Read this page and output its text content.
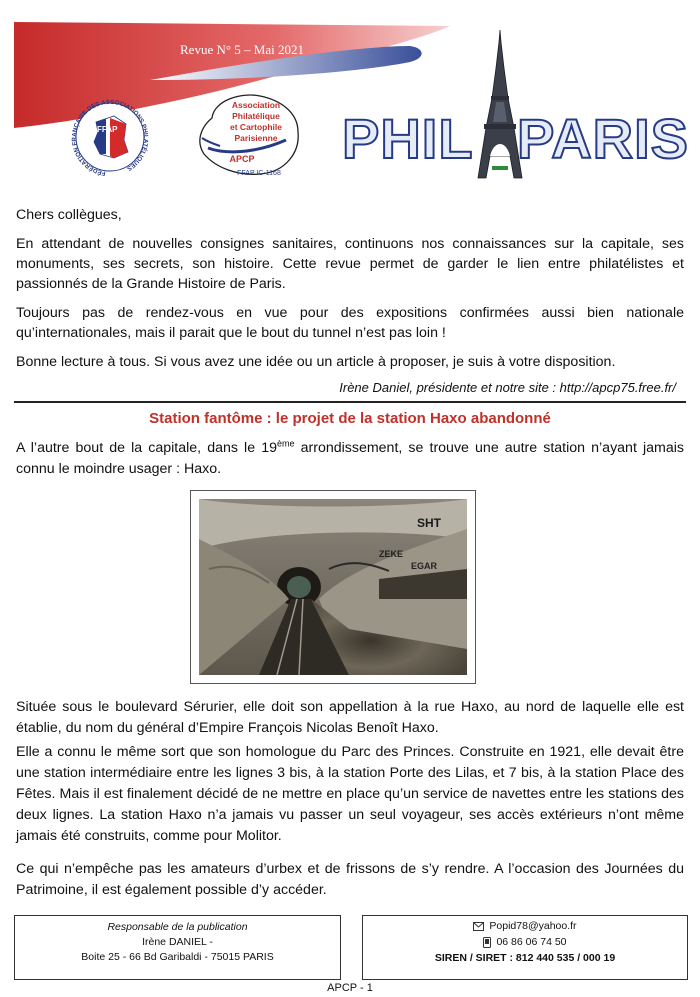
Revue N° 5 – Mai 2021
FÉDÉRATION FRANÇAISE DES ASSOCIATIONS PHILATÉLIQUES
FFAP
Association
Philatélique
et Cartophile
Parisienne
APCP
FFAP IC-1168
PHIL PARIS

Chers collègues,

En attendant de nouvelles consignes sanitaires, continuons nos connaissances sur la capitale, ses monuments, ses secrets, son histoire. Cette revue permet de garder le lien entre philatélistes et passionnés de la Grande Histoire de Paris.

Toujours pas de rendez-vous en vue pour des expositions confirmées aussi bien nationale qu’internationales, mais il parait que le bout du tunnel n’est pas loin !

Bonne lecture à tous. Si vous avez une idée ou un article à proposer, je suis à votre disposition.

Irène Daniel, présidente et notre site : http://apcp75.free.fr/
Station fantôme : le projet de la station Haxo abandonné
A l’autre bout de la capitale, dans le 19ème arrondissement, se trouve une autre station n’ayant jamais connu le moindre usager : Haxo.
SHT
ZEKE
EGAR
Située sous le boulevard Sérurier, elle doit son appellation à la rue Haxo, au nord de laquelle elle est établie, du nom du général d’Empire François Nicolas Benoît Haxo.
Elle a connu le même sort que son homologue du Parc des Princes. Construite en 1921, elle devait être une station intermédiaire entre les lignes 3 bis, à la station Porte des Lilas, et 7 bis, à la station Place des Fêtes. Mais il est finalement décidé de ne mettre en place qu’un service de navettes entre les stations des deux lignes. La station Haxo n’a jamais vu passer un seul voyageur, ses accès extérieurs n’ont même jamais été construits, comme pour Molitor.
Ce qui n’empêche pas les amateurs d’urbex et de frissons de s’y rendre. A l’occasion des Journées du Patrimoine, il est également possible d’y accéder.
Responsable de la publication
Irène DANIEL -
Boite 25 - 66 Bd Garibaldi - 75015 PARIS
Popid78@yahoo.fr
06 86 06 74 50
SIREN / SIRET : 812 440 535 / 000 19
APCP - 1
